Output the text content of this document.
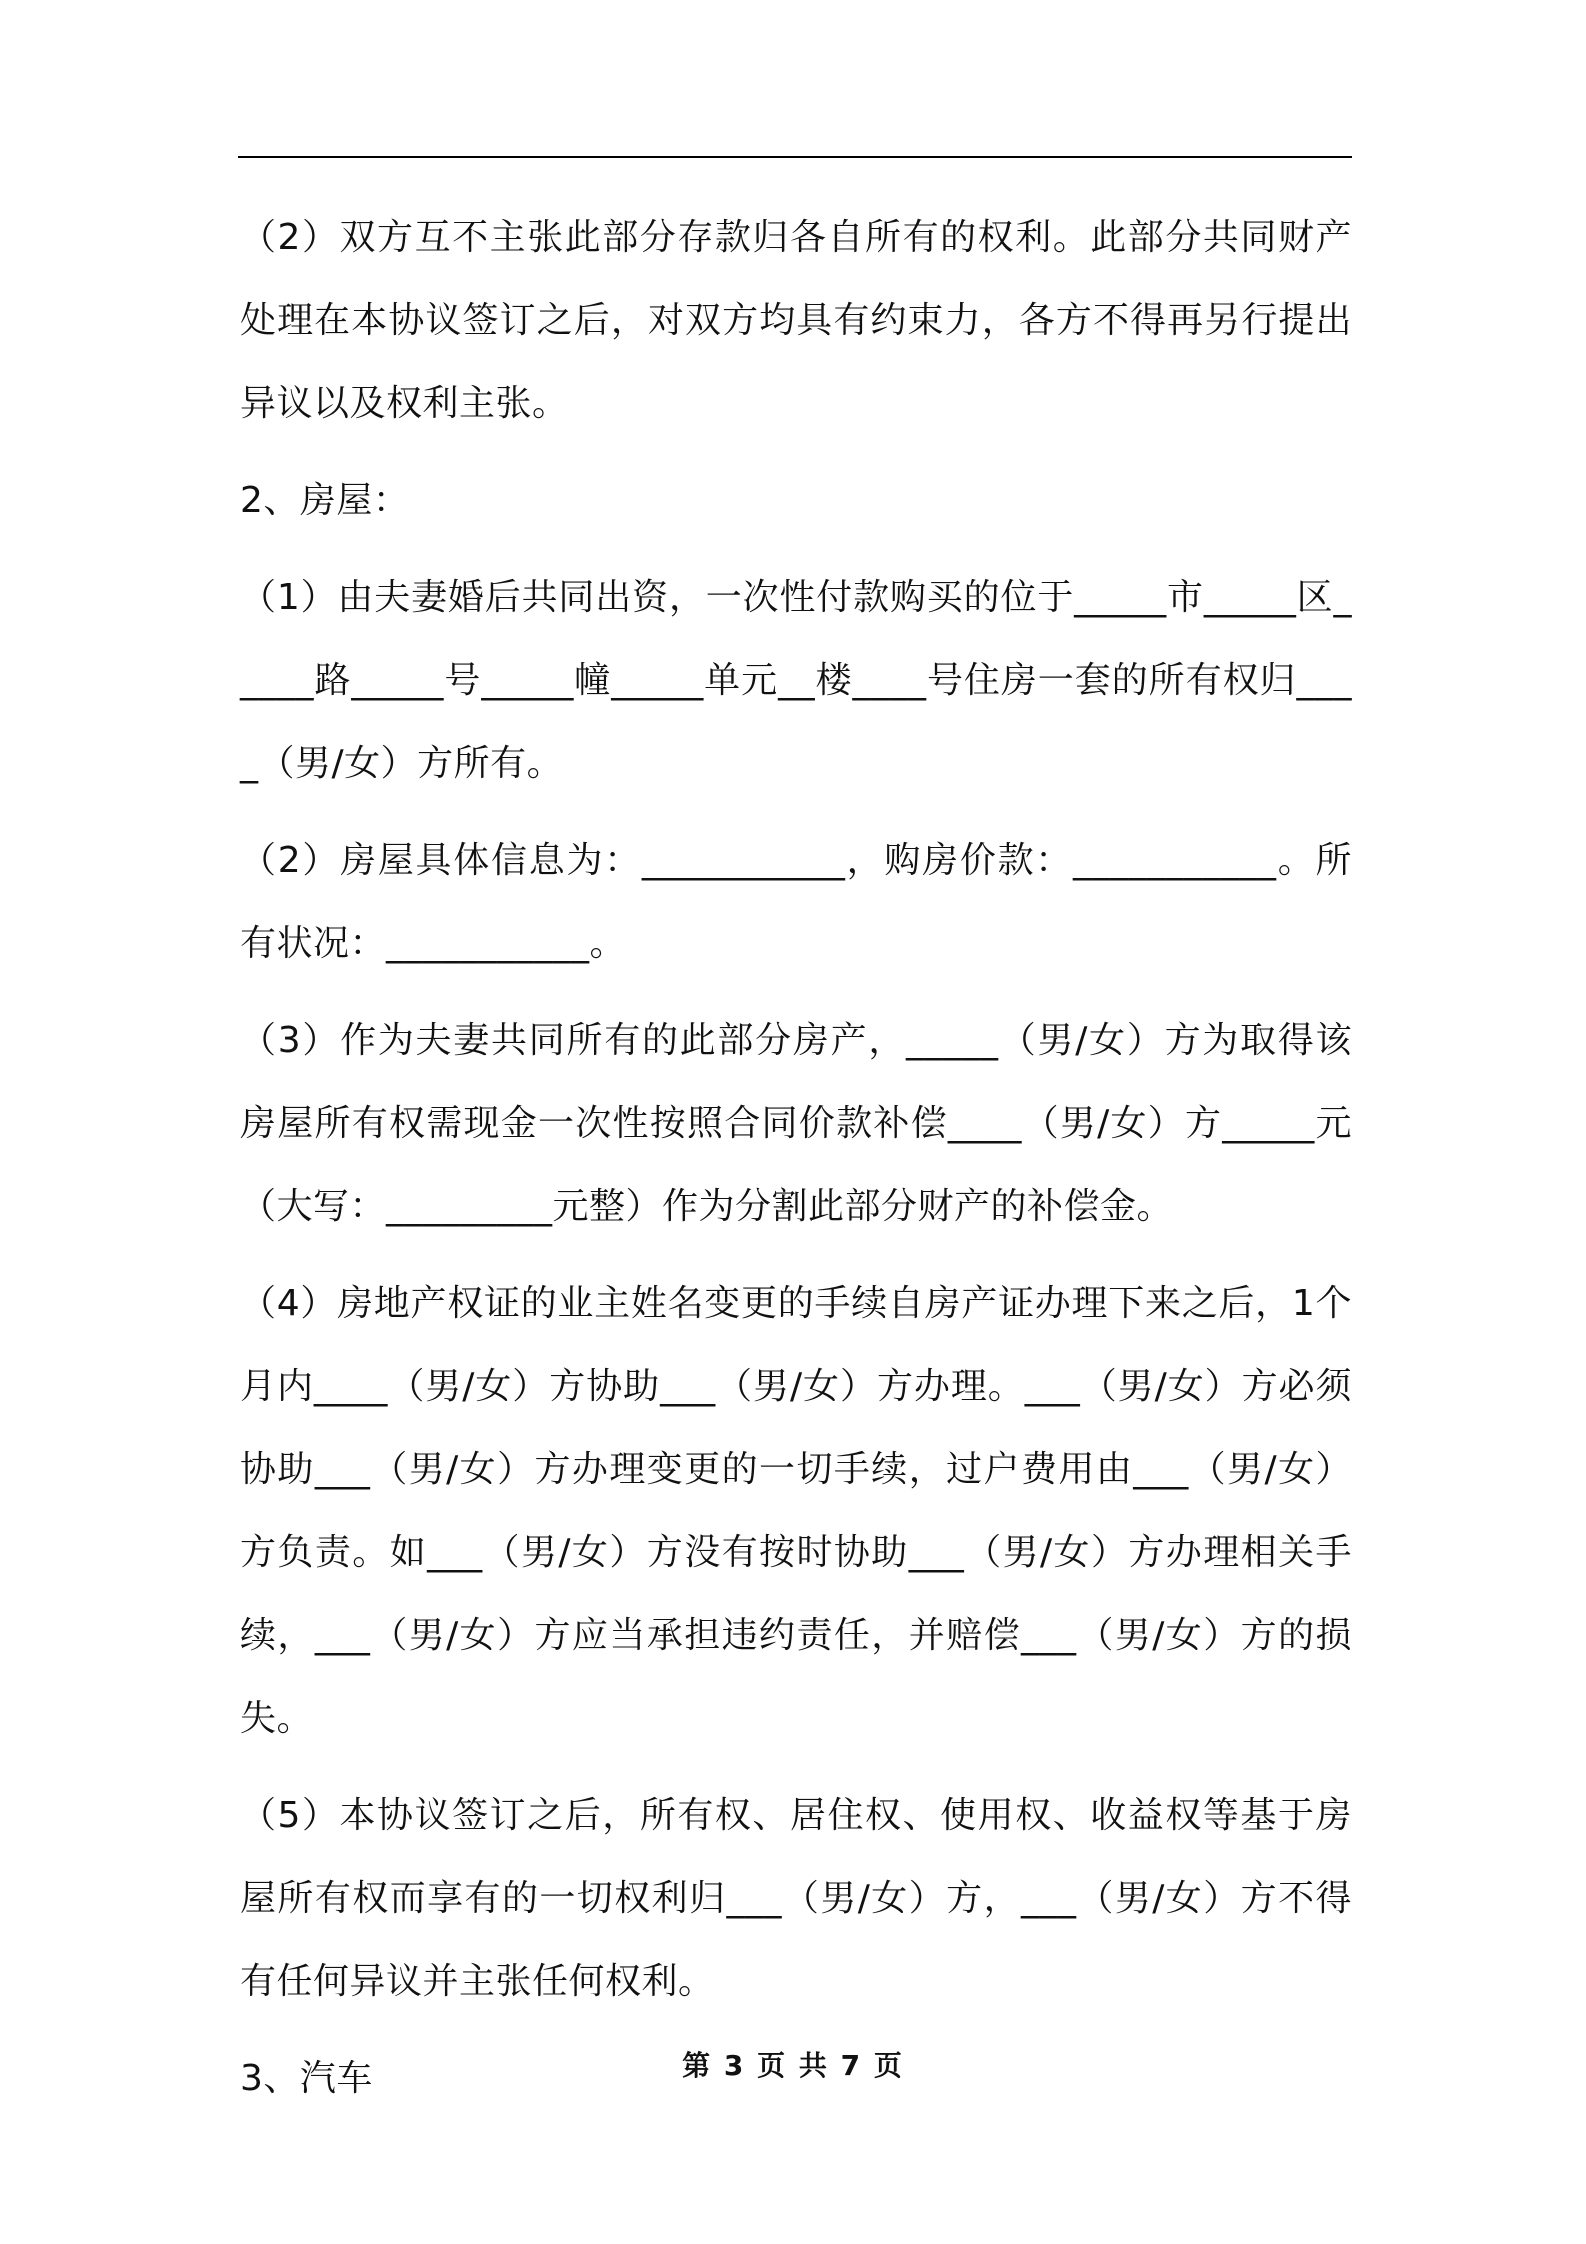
（2）双方互不主张此部分存款归各自所有的权利。此部分共同财产处理在本协议签订之后，对双方均具有约束力，各方不得再另行提出异议以及权利主张。

2、房屋：

（1）由夫妻婚后共同出资，一次性付款购买的位于_____市_____区_____路_____号_____幢_____单元__楼____号住房一套的所有权归____（男/女）方所有。

（2）房屋具体信息为：___________，购房价款：___________。所有状况：___________。

（3）作为夫妻共同所有的此部分房产，_____（男/女）方为取得该房屋所有权需现金一次性按照合同价款补偿____（男/女）方_____元（大写：_________元整）作为分割此部分财产的补偿金。

（4）房地产权证的业主姓名变更的手续自房产证办理下来之后，1个月内____（男/女）方协助___（男/女）方办理。___（男/女）方必须协助___（男/女）方办理变更的一切手续，过户费用由___（男/女）方负责。如___（男/女）方没有按时协助___（男/女）方办理相关手续，___（男/女）方应当承担违约责任，并赔偿___（男/女）方的损失。

（5）本协议签订之后，所有权、居住权、使用权、收益权等基于房屋所有权而享有的一切权利归___（男/女）方，___（男/女）方不得有任何异议并主张任何权利。

3、汽车	第 3 页 共 7 页
